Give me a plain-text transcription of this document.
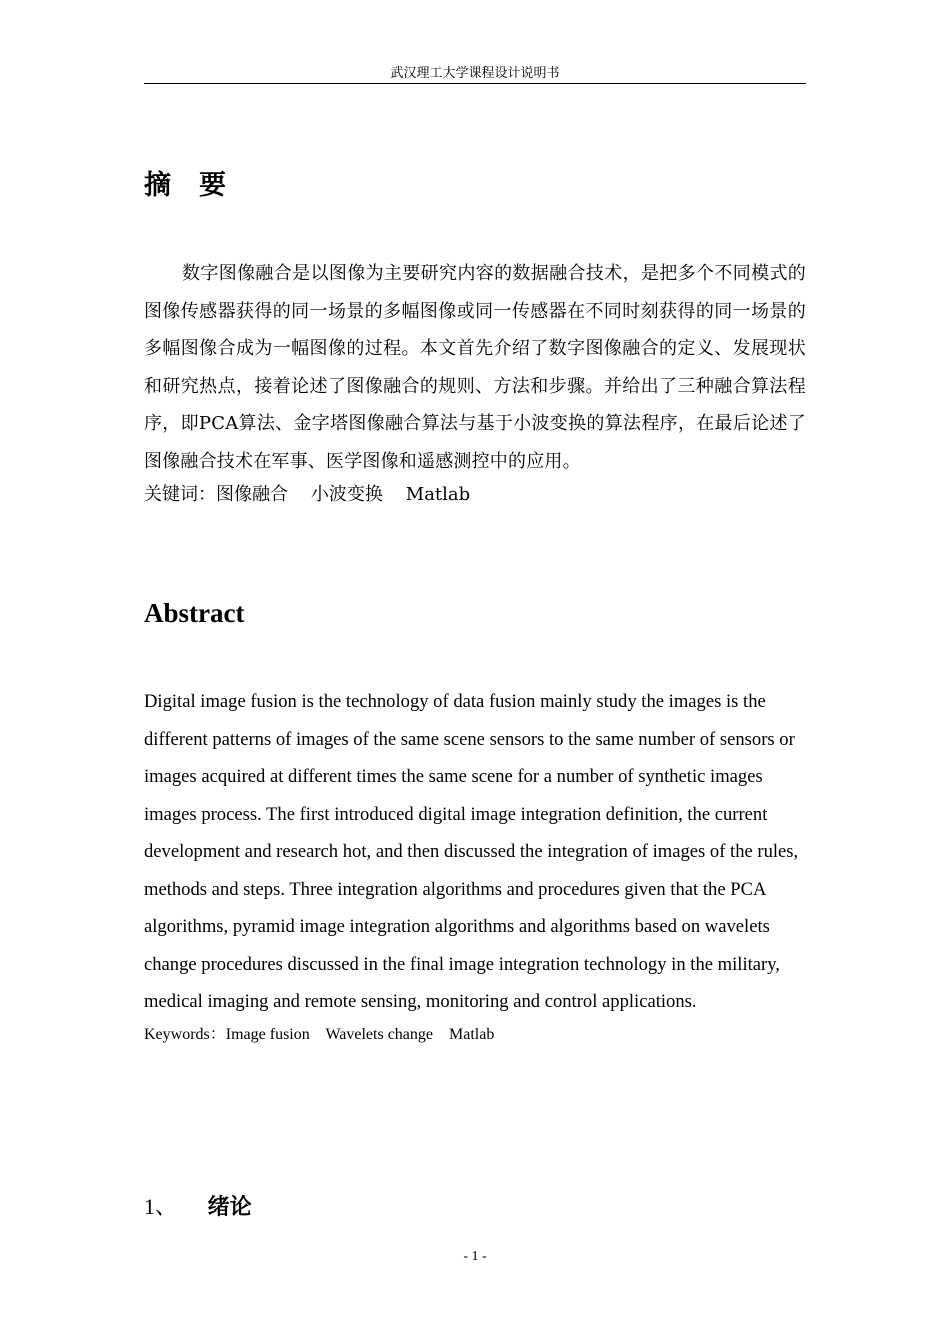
武汉理工大学课程设计说明书
摘要
数字图像融合是以图像为主要研究内容的数据融合技术，是把多个不同模式的图像传感器获得的同一场景的多幅图像或同一传感器在不同时刻获得的同一场景的多幅图像合成为一幅图像的过程。本文首先介绍了数字图像融合的定义、发展现状和研究热点，接着论述了图像融合的规则、方法和步骤。并给出了三种融合算法程序，即PCA算法、金字塔图像融合算法与基于小波变换的算法程序，在最后论述了图像融合技术在军事、医学图像和遥感测控中的应用。
关键词：图像融合    小波变换    Matlab
Abstract
Digital image fusion is the technology of data fusion mainly study the images is the different patterns of images of the same scene sensors to the same number of sensors or images acquired at different times the same scene for a number of synthetic images images process. The first introduced digital image integration definition, the current development and research hot, and then discussed the integration of images of the rules, methods and steps. Three integration algorithms and procedures given that the PCA algorithms, pyramid image integration algorithms and algorithms based on wavelets change procedures discussed in the final image integration technology in the military, medical imaging and remote sensing, monitoring and control applications.
Keywords：Image fusion    Wavelets change    Matlab
1、 绪论
- 1 -
